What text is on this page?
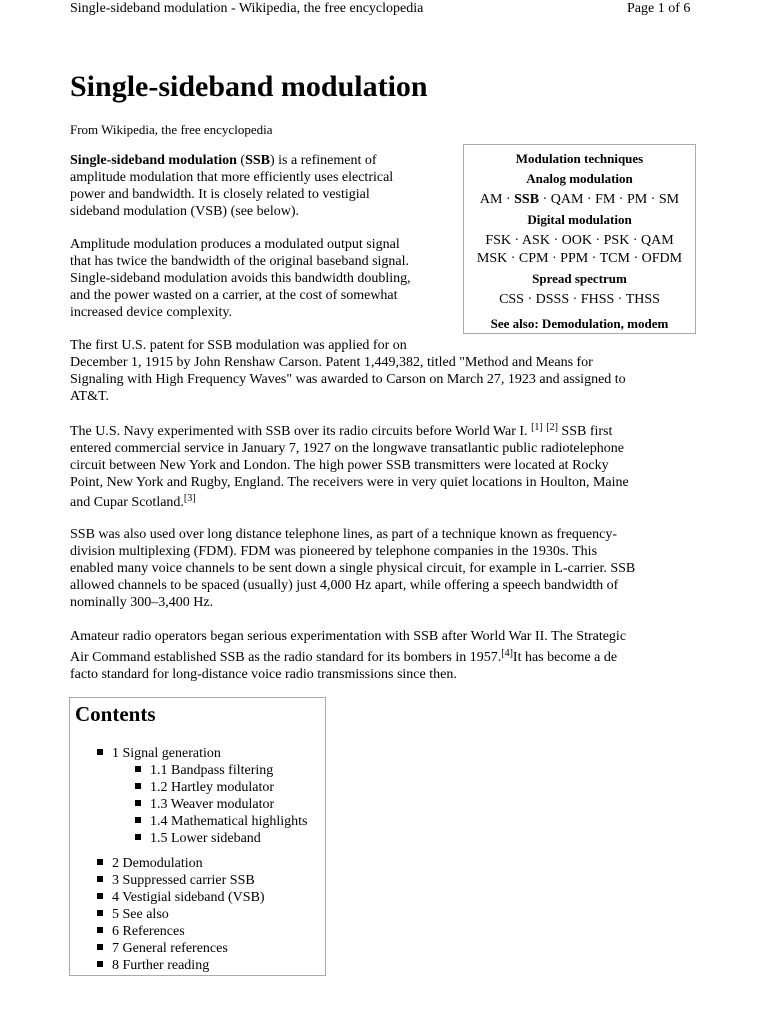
Single-sideband modulation - Wikipedia, the free encyclopedia	Page 1 of 6
Single-sideband modulation
From Wikipedia, the free encyclopedia

Single-sideband modulation (SSB) is a refinement of
amplitude modulation that more efficiently uses electrical
power and bandwidth. It is closely related to vestigial
sideband modulation (VSB) (see below).

Amplitude modulation produces a modulated output signal
that has twice the bandwidth of the original baseband signal.
Single-sideband modulation avoids this bandwidth doubling,
and the power wasted on a carrier, at the cost of somewhat
increased device complexity.

Modulation techniques
Analog modulation
AM · SSB · QAM · FM · PM · SM
Digital modulation
FSK · ASK · OOK · PSK · QAM
MSK · CPM · PPM · TCM · OFDM
Spread spectrum
CSS · DSSS · FHSS · THSS
See also: Demodulation, modem

The first U.S. patent for SSB modulation was applied for on
December 1, 1915 by John Renshaw Carson. Patent 1,449,382, titled "Method and Means for
Signaling with High Frequency Waves" was awarded to Carson on March 27, 1923 and assigned to
AT&T.

The U.S. Navy experimented with SSB over its radio circuits before World War I. [1] [2] SSB first
entered commercial service in January 7, 1927 on the longwave transatlantic public radiotelephone
circuit between New York and London. The high power SSB transmitters were located at Rocky
Point, New York and Rugby, England. The receivers were in very quiet locations in Houlton, Maine
and Cupar Scotland.[3]

SSB was also used over long distance telephone lines, as part of a technique known as frequency-
division multiplexing (FDM). FDM was pioneered by telephone companies in the 1930s. This
enabled many voice channels to be sent down a single physical circuit, for example in L-carrier. SSB
allowed channels to be spaced (usually) just 4,000 Hz apart, while offering a speech bandwidth of
nominally 300–3,400 Hz.

Amateur radio operators began serious experimentation with SSB after World War II. The Strategic
Air Command established SSB as the radio standard for its bombers in 1957.[4]It has become a de
facto standard for long-distance voice radio transmissions since then.

Contents
1 Signal generation
1.1 Bandpass filtering
1.2 Hartley modulator
1.3 Weaver modulator
1.4 Mathematical highlights
1.5 Lower sideband
2 Demodulation
3 Suppressed carrier SSB
4 Vestigial sideband (VSB)
5 See also
6 References
7 General references
8 Further reading
